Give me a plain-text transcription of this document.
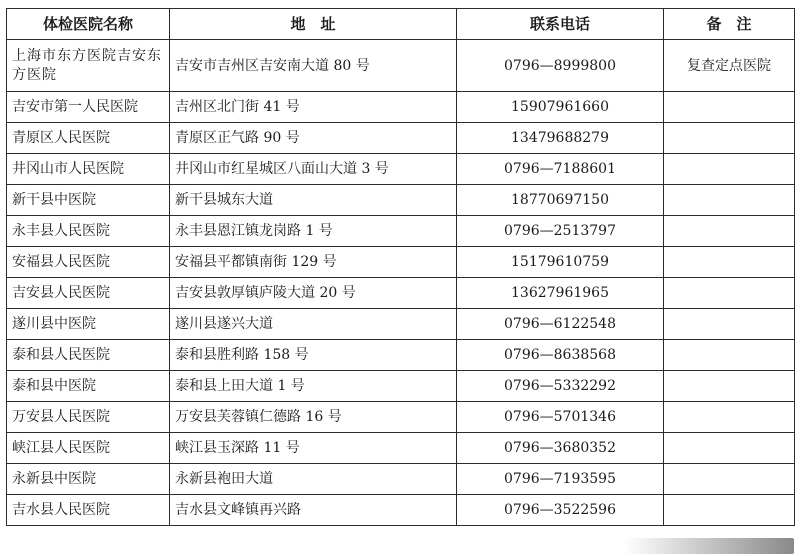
体检医院名称	地　址	联系电话	备　注
上海市东方医院吉安东方医院	吉安市吉州区吉安南大道 80 号	0796—8999800	复查定点医院
吉安市第一人民医院	吉州区北门街 41 号	15907961660	
青原区人民医院	青原区正气路 90 号	13479688279	
井冈山市人民医院	井冈山市红星城区八面山大道 3 号	0796—7188601	
新干县中医院	新干县城东大道	18770697150	
永丰县人民医院	永丰县恩江镇龙岗路 1 号	0796—2513797	
安福县人民医院	安福县平都镇南街 129 号	15179610759	
吉安县人民医院	吉安县敦厚镇庐陵大道 20 号	13627961965	
遂川县中医院	遂川县遂兴大道	0796—6122548	
泰和县人民医院	泰和县胜利路 158 号	0796—8638568	
泰和县中医院	泰和县上田大道 1 号	0796—5332292	
万安县人民医院	万安县芙蓉镇仁德路 16 号	0796—5701346	
峡江县人民医院	峡江县玉深路 11 号	0796—3680352	
永新县中医院	永新县袍田大道	0796—7193595	
吉水县人民医院	吉水县文峰镇再兴路	0796—3522596	
